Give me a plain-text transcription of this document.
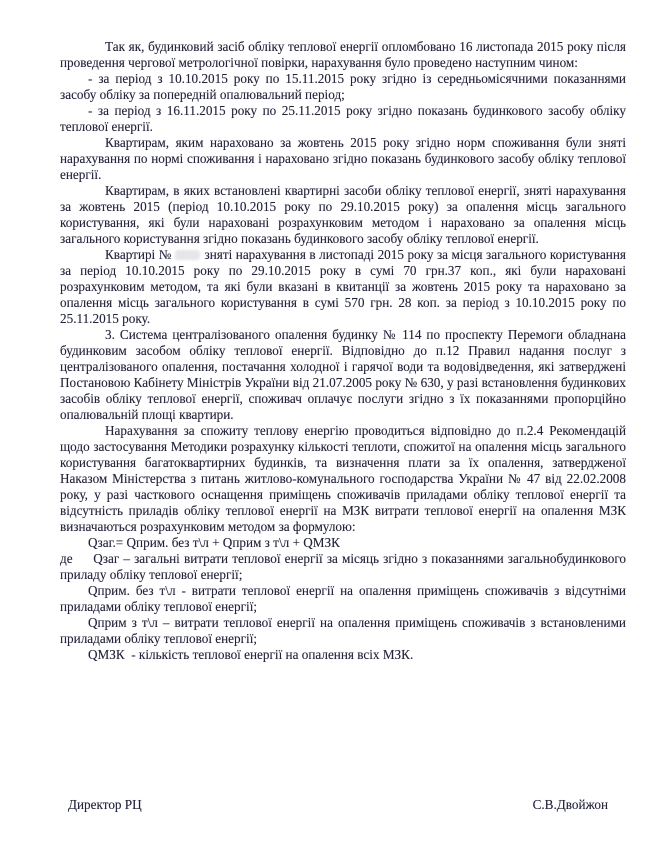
Так як, будинковий засіб обліку теплової енергії опломбовано 16 листопада 2015 року після проведення чергової метрологічної повірки, нарахування було проведено наступним чином:

- за період з 10.10.2015 року по 15.11.2015 року згідно із середньомісячними показаннями засобу обліку за попередній опалювальний період;

- за період з 16.11.2015 року по 25.11.2015 року згідно показань будинкового засобу обліку теплової енергії.

Квартирам, яким нараховано за жовтень 2015 року згідно норм споживання були зняті нарахування по нормі споживання і нараховано згідно показань будинкового засобу обліку теплової енергії.

Квартирам, в яких встановлені квартирні засоби обліку теплової енергії, зняті нарахування за жовтень 2015 (період 10.10.2015 року по 29.10.2015 року) за опалення місць загального користування, які були нараховані розрахунковим методом і нараховано за опалення місць загального користування згідно показань будинкового засобу обліку теплової енергії.

Квартирі №	зняті нарахування в листопаді 2015 року за місця загального користування за період 10.10.2015 року по 29.10.2015 року в сумі 70 грн.37 коп., які були нараховані розрахунковим методом, та які були вказані в квитанції за жовтень 2015 року та нараховано за опалення місць загального користування в сумі 570 грн. 28 коп. за період з 10.10.2015 року по 25.11.2015 року.

3. Система централізованого опалення будинку № 114 по проспекту Перемоги обладнана будинковим засобом обліку теплової енергії. Відповідно до п.12 Правил надання послуг з централізованого опалення, постачання холодної і гарячої води та водовідведення, які затверджені Постановою Кабінету Міністрів України від 21.07.2005 року № 630, у разі встановлення будинкових засобів обліку теплової енергії, споживач оплачує послуги згідно з їх показаннями пропорційно опалювальній площі квартири.

Нарахування за спожиту теплову енергію проводиться відповідно до п.2.4 Рекомендацій щодо застосування Методики розрахунку кількості теплоти, спожитої на опалення місць загального користування багатоквартирних будинків, та визначення плати за їх опалення, затвердженої Наказом Міністерства з питань житлово-комунального господарства України № 47 від 22.02.2008 року, у разі часткового оснащення приміщень споживачів приладами обліку теплової енергії та відсутність приладів обліку теплової енергії на МЗК витрати теплової енергії на опалення МЗК визначаються розрахунковим методом за формулою:

Qзаг.= Qприм. без т\л + Qприм з т\л + QМЗК

де     Qзаг – загальні витрати теплової енергії за місяць згідно з показаннями загальнобудинкового приладу обліку теплової енергії;

Qприм. без т\л - витрати теплової енергії на опалення приміщень споживачів з відсутніми приладами обліку теплової енергії;

Qприм з т\л – витрати теплової енергії на опалення приміщень споживачів з встановленими приладами обліку теплової енергії;

QМЗК  - кількість теплової енергії на опалення всіх МЗК.

Директор РЦ	С.В.Двойжон
